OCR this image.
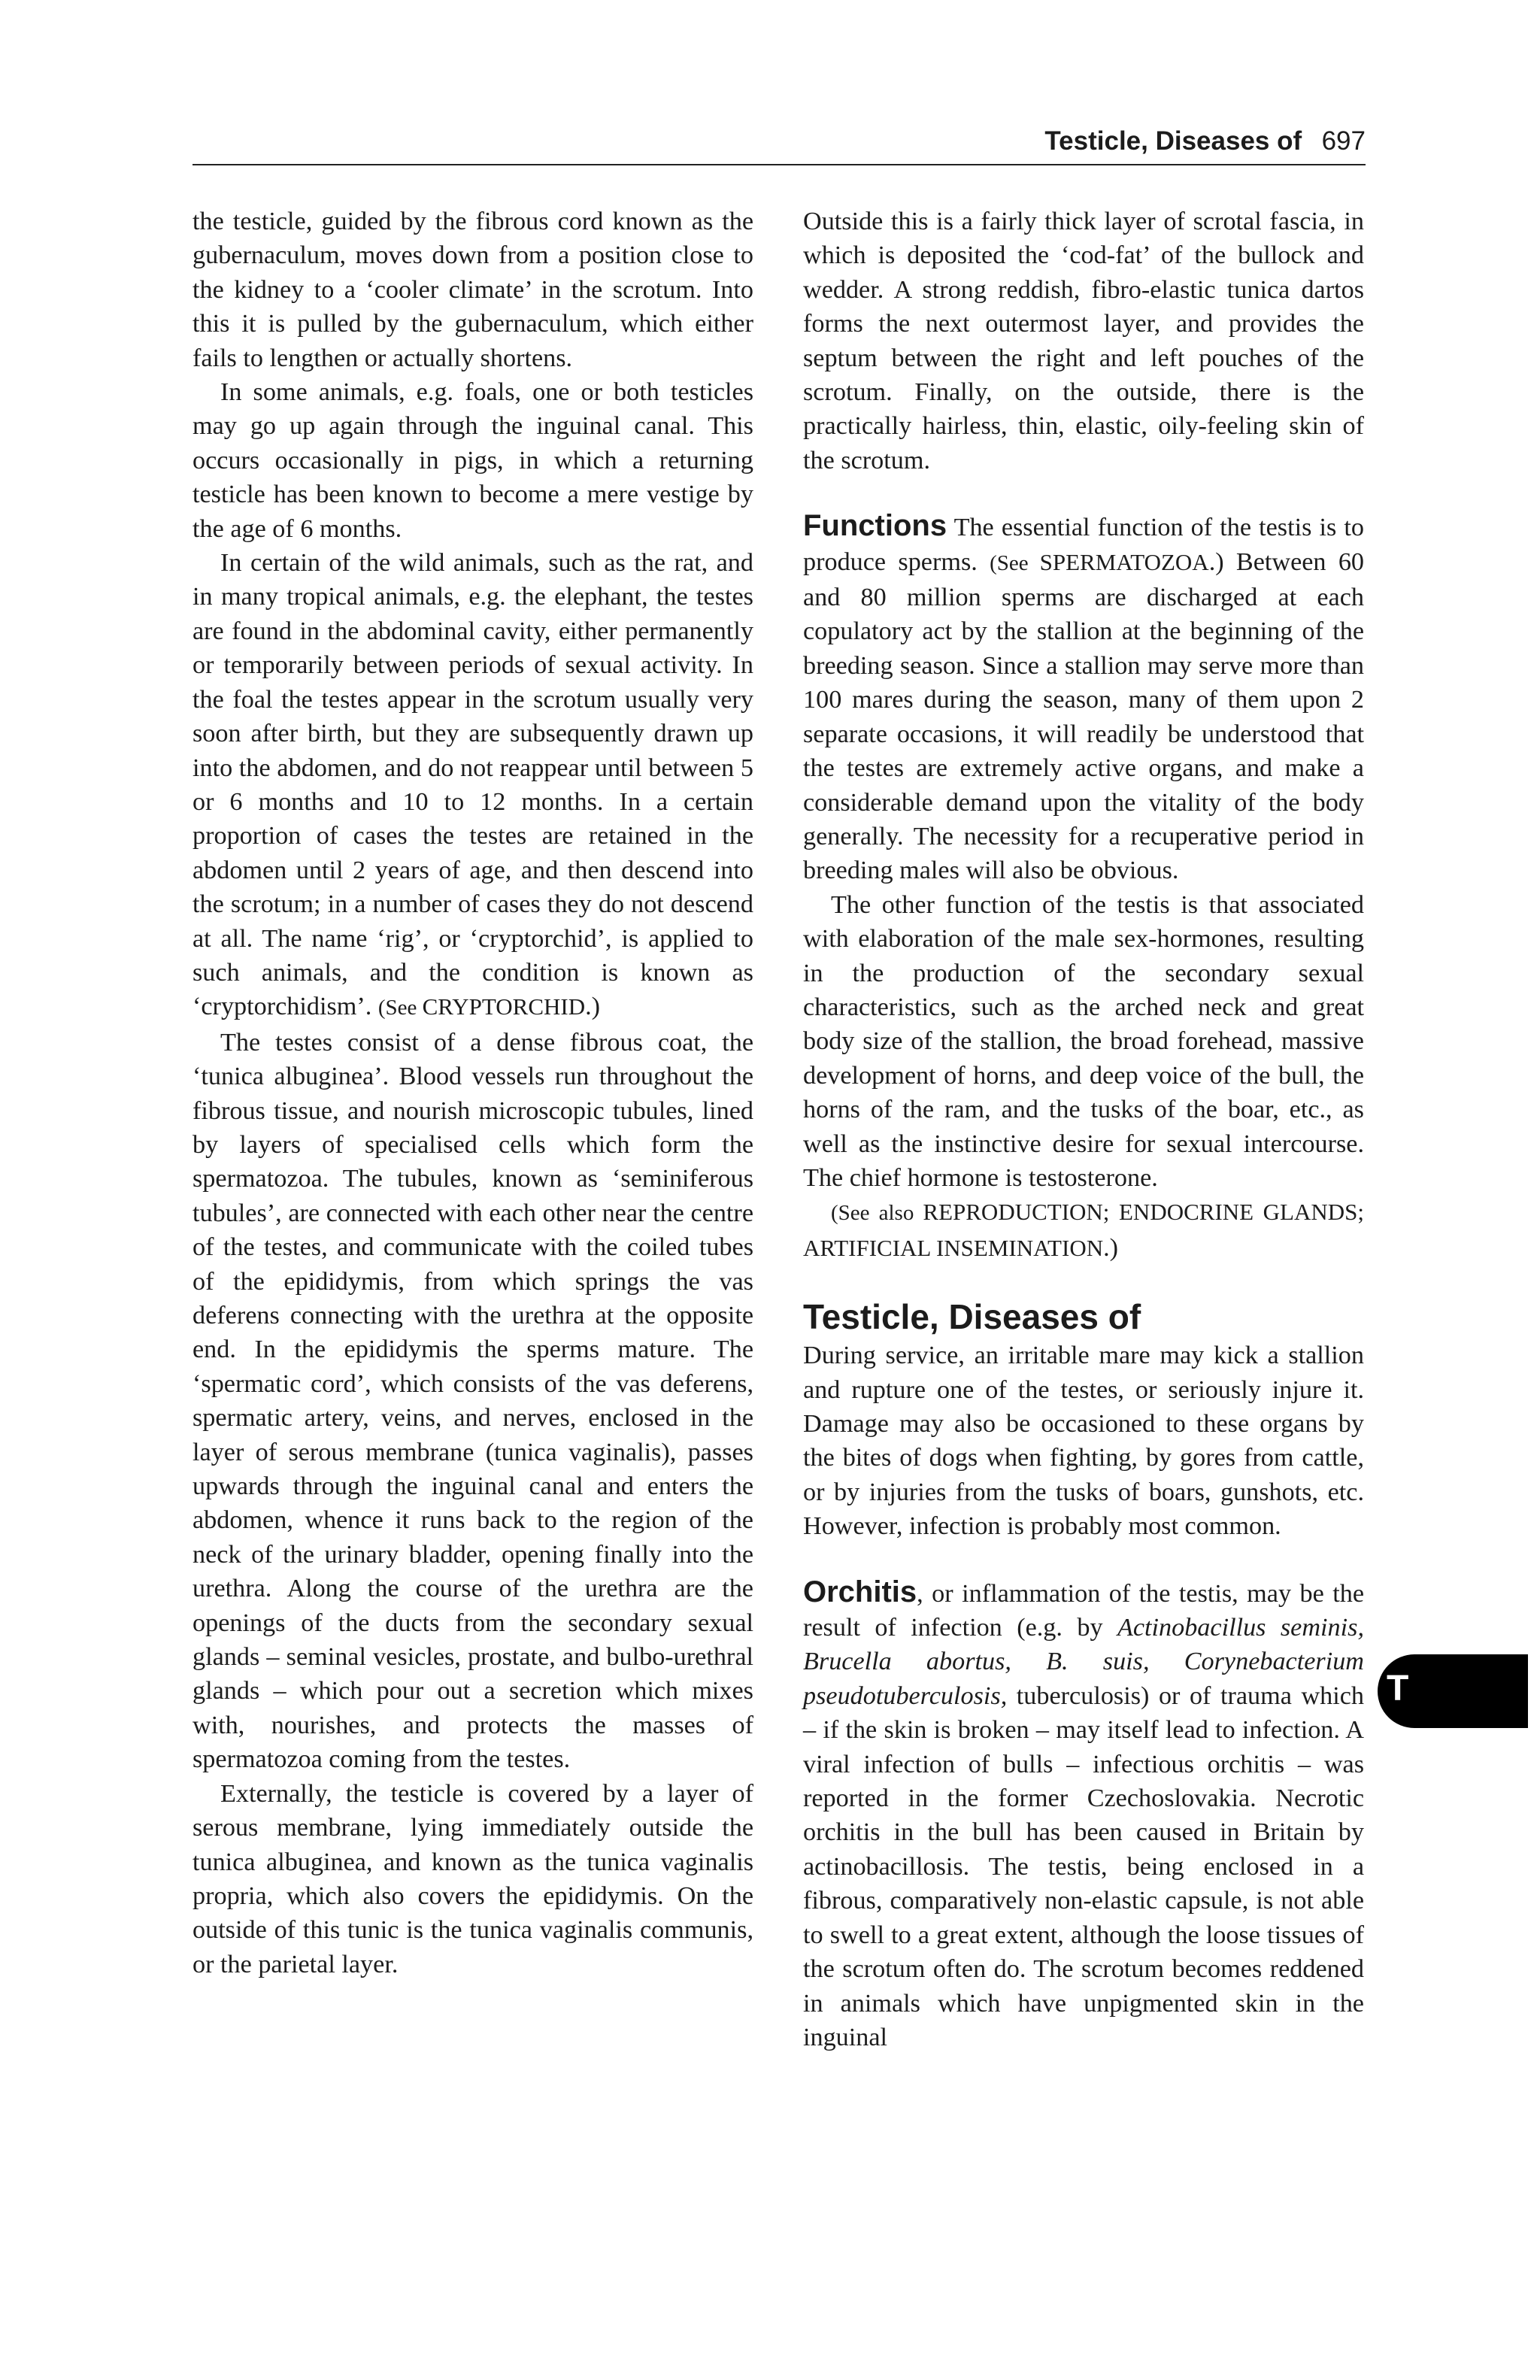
Testicle, Diseases of 697

the testicle, guided by the fibrous cord known as the gubernaculum, moves down from a position close to the kidney to a ‘cooler climate’ in the scrotum. Into this it is pulled by the gubernaculum, which either fails to lengthen or actually shortens.

In some animals, e.g. foals, one or both testicles may go up again through the inguinal canal. This occurs occasionally in pigs, in which a returning testicle has been known to become a mere vestige by the age of 6 months.

In certain of the wild animals, such as the rat, and in many tropical animals, e.g. the elephant, the testes are found in the abdominal cavity, either permanently or temporarily between periods of sexual activity. In the foal the testes appear in the scrotum usually very soon after birth, but they are subsequently drawn up into the abdomen, and do not reappear until between 5 or 6 months and 10 to 12 months. In a certain proportion of cases the testes are retained in the abdomen until 2 years of age, and then descend into the scrotum; in a number of cases they do not descend at all. The name ‘rig’, or ‘cryptorchid’, is applied to such animals, and the condition is known as ‘cryptorchidism’. (See CRYPTORCHID.)

The testes consist of a dense fibrous coat, the ‘tunica albuginea’. Blood vessels run throughout the fibrous tissue, and nourish microscopic tubules, lined by layers of specialised cells which form the spermatozoa. The tubules, known as ‘seminiferous tubules’, are connected with each other near the centre of the testes, and communicate with the coiled tubes of the epididymis, from which springs the vas deferens connecting with the urethra at the opposite end. In the epididymis the sperms mature. The ‘spermatic cord’, which consists of the vas deferens, spermatic artery, veins, and nerves, enclosed in the layer of serous membrane (tunica vaginalis), passes upwards through the inguinal canal and enters the abdomen, whence it runs back to the region of the neck of the urinary bladder, opening finally into the urethra. Along the course of the urethra are the openings of the ducts from the secondary sexual glands – seminal vesicles, prostate, and bulbo-urethral glands – which pour out a secretion which mixes with, nourishes, and protects the masses of spermatozoa coming from the testes.

Externally, the testicle is covered by a layer of serous membrane, lying immediately outside the tunica albuginea, and known as the tunica vaginalis propria, which also covers the epididymis. On the outside of this tunic is the tunica vaginalis communis, or the parietal layer.

Outside this is a fairly thick layer of scrotal fascia, in which is deposited the ‘cod-fat’ of the bullock and wedder. A strong reddish, fibro-elastic tunica dartos forms the next outermost layer, and provides the septum between the right and left pouches of the scrotum. Finally, on the outside, there is the practically hairless, thin, elastic, oily-feeling skin of the scrotum.

Functions The essential function of the testis is to produce sperms. (See SPERMATOZOA.) Between 60 and 80 million sperms are discharged at each copulatory act by the stallion at the beginning of the breeding season. Since a stallion may serve more than 100 mares during the season, many of them upon 2 separate occasions, it will readily be understood that the testes are extremely active organs, and make a considerable demand upon the vitality of the body generally. The necessity for a recuperative period in breeding males will also be obvious.

The other function of the testis is that associated with elaboration of the male sex-hormones, resulting in the production of the secondary sexual characteristics, such as the arched neck and great body size of the stallion, the broad forehead, massive development of horns, and deep voice of the bull, the horns of the ram, and the tusks of the boar, etc., as well as the instinctive desire for sexual intercourse. The chief hormone is testosterone.

(See also REPRODUCTION; ENDOCRINE GLANDS; ARTIFICIAL INSEMINATION.)

Testicle, Diseases of

During service, an irritable mare may kick a stallion and rupture one of the testes, or seriously injure it. Damage may also be occasioned to these organs by the bites of dogs when fighting, by gores from cattle, or by injuries from the tusks of boars, gunshots, etc. However, infection is probably most common.

Orchitis, or inflammation of the testis, may be the result of infection (e.g. by Actinobacillus seminis, Brucella abortus, B. suis, Corynebacterium pseudotuberculosis, tuberculosis) or of trauma which – if the skin is broken – may itself lead to infection. A viral infection of bulls – infectious orchitis – was reported in the former Czechoslovakia. Necrotic orchitis in the bull has been caused in Britain by actinobacillosis. The testis, being enclosed in a fibrous, comparatively non-elastic capsule, is not able to swell to a great extent, although the loose tissues of the scrotum often do. The scrotum becomes reddened in animals which have unpigmented skin in the inguinal

T
